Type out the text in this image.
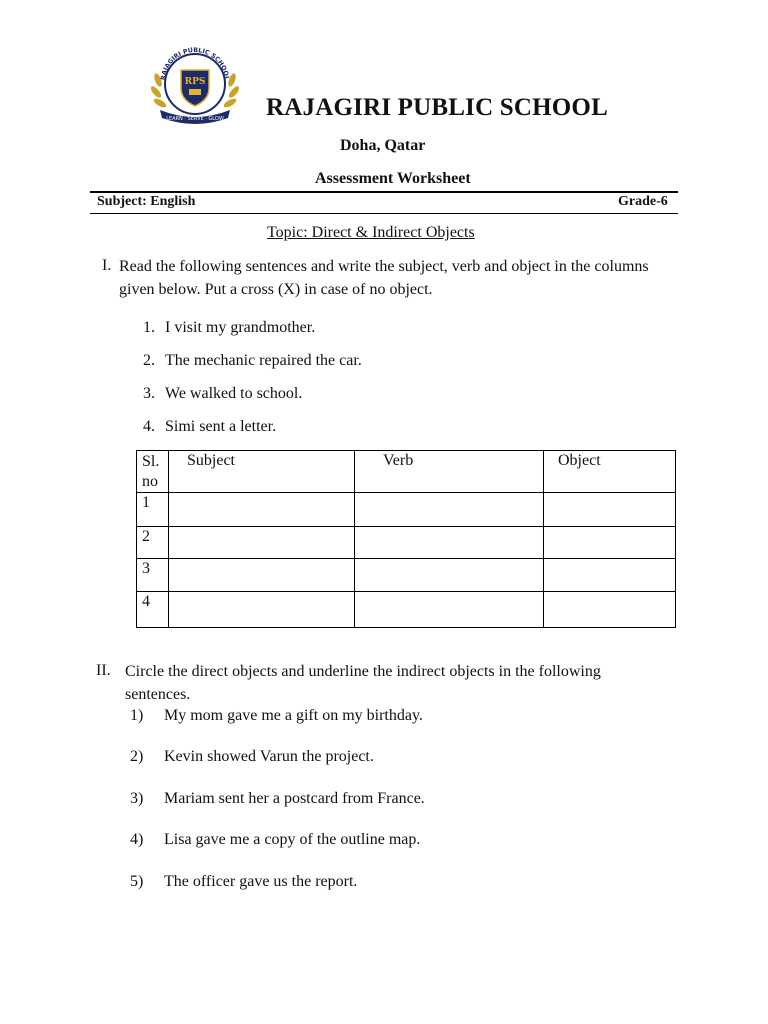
RAJAGIRI PUBLIC SCHOOL
RPS
LEARN · SERVE · GLOW RAJAGIRI PUBLIC SCHOOL
Doha, Qatar
Assessment Worksheet
Subject: English	Grade-6
Topic: Direct & Indirect Objects
I. Read the following sentences and write the subject, verb and object in the columns given below. Put a cross (X) in case of no object.
1. I visit my grandmother.
2. The mechanic repaired the car.
3. We walked to school.
4. Simi sent a letter.
Sl. no	Subject	Verb	Object
1			
2			
3			
4			
II. Circle the direct objects and underline the indirect objects in the following sentences.
1) My mom gave me a gift on my birthday.
2) Kevin showed Varun the project.
3) Mariam sent her a postcard from France.
4) Lisa gave me a copy of the outline map.
5) The officer gave us the report.
